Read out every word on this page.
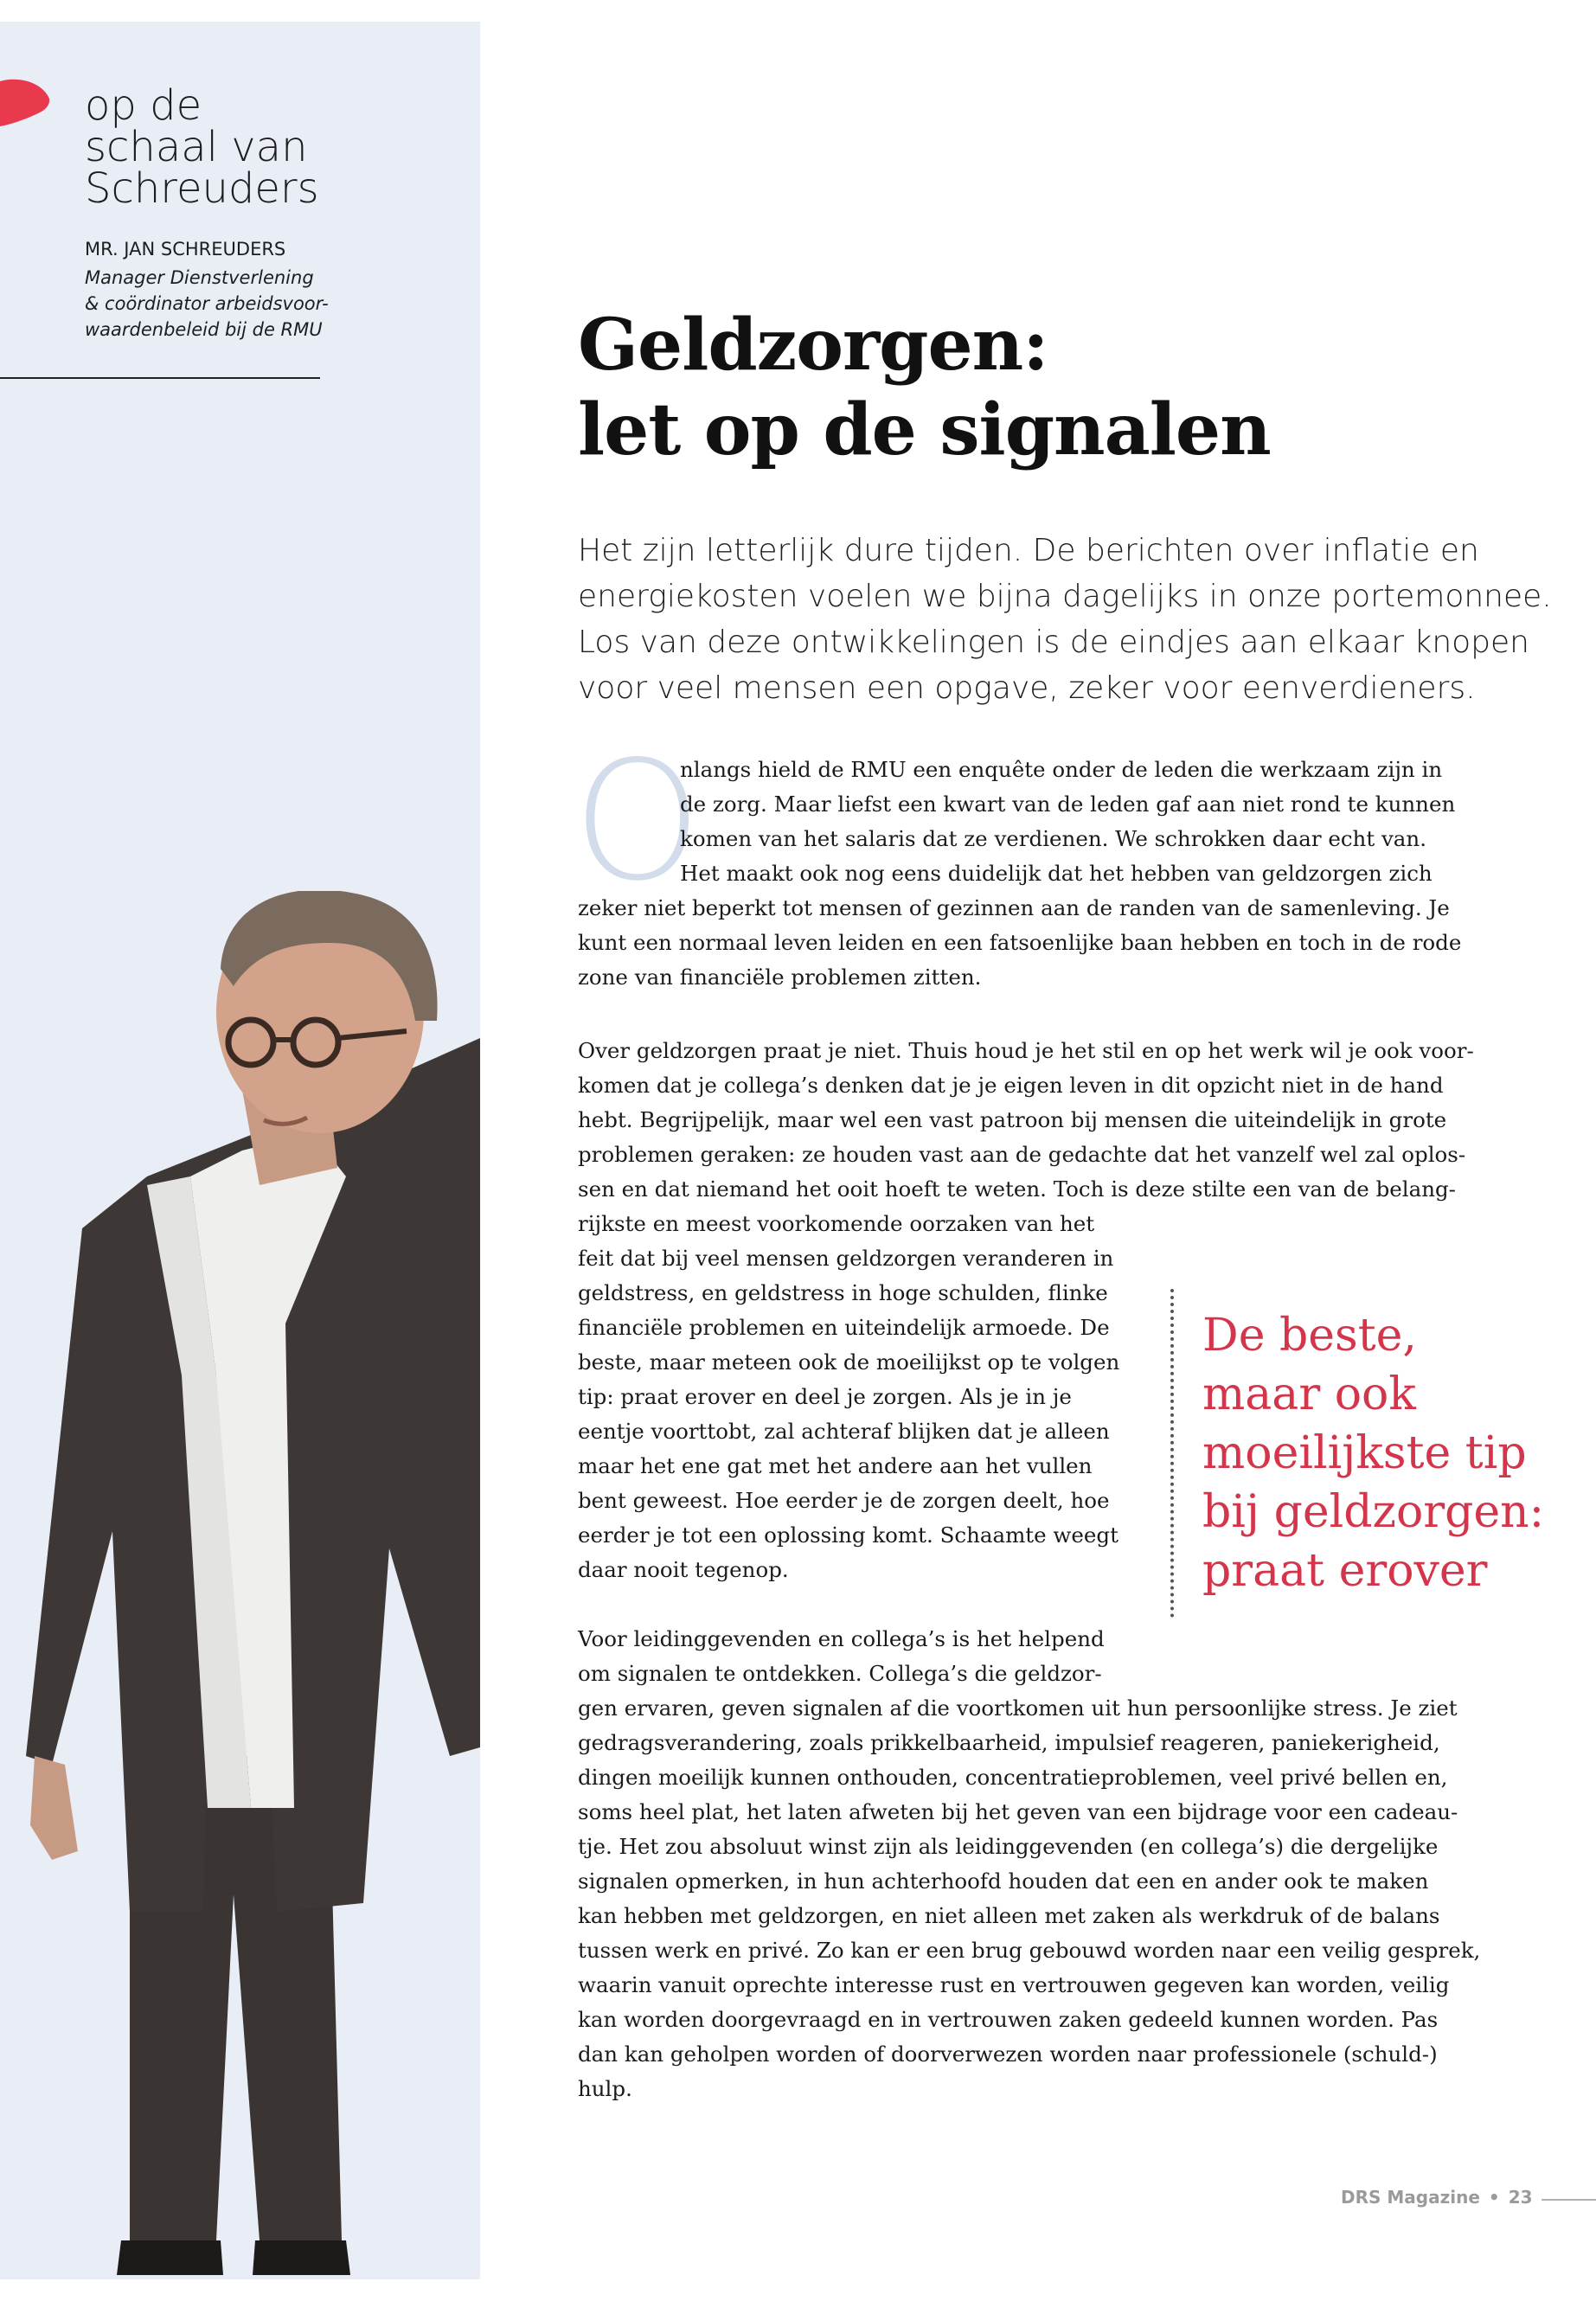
op de
schaal van
Schreuders
MR. JAN SCHREUDERS
Manager Dienstverlening
& coördinator arbeidsvoor-
waardenbeleid bij de RMU	Geldzorgen:
let op de signalen
Het zijn letterlijk dure tijden. De berichten over inflatie en
energiekosten voelen we bijna dagelijks in onze portemonnee.
Los van deze ontwikkelingen is de eindjes aan elkaar knopen
voor veel mensen een opgave, zeker voor eenverdieners.
O
nlangs hield de RMU een enquête onder de leden die werkzaam zijn in
de zorg. Maar liefst een kwart van de leden gaf aan niet rond te kunnen
komen van het salaris dat ze verdienen. We schrokken daar echt van.
Het maakt ook nog eens duidelijk dat het hebben van geldzorgen zich
zeker niet beperkt tot mensen of gezinnen aan de randen van de samenleving. Je
kunt een normaal leven leiden en een fatsoenlijke baan hebben en toch in de rode
zone van financiële problemen zitten.
Over geldzorgen praat je niet. Thuis houd je het stil en op het werk wil je ook voor-
komen dat je collega’s denken dat je je eigen leven in dit opzicht niet in de hand
hebt. Begrijpelijk, maar wel een vast patroon bij mensen die uiteindelijk in grote
problemen geraken: ze houden vast aan de gedachte dat het vanzelf wel zal oplos-
sen en dat niemand het ooit hoeft te weten. Toch is deze stilte een van de belang-
rijkste en meest voorkomende oorzaken van het
feit dat bij veel mensen geldzorgen veranderen in
geldstress, en geldstress in hoge schulden, flinke
financiële problemen en uiteindelijk armoede. De
beste, maar meteen ook de moeilijkst op te volgen
tip: praat erover en deel je zorgen. Als je in je
eentje voorttobt, zal achteraf blijken dat je alleen
maar het ene gat met het andere aan het vullen
bent geweest. Hoe eerder je de zorgen deelt, hoe
eerder je tot een oplossing komt. Schaamte weegt
daar nooit tegenop.
De beste,
maar ook
moeilijkste tip
bij geldzorgen:
praat erover
Voor leidinggevenden en collega’s is het helpend
om signalen te ontdekken. Collega’s die geldzor-
gen ervaren, geven signalen af die voortkomen uit hun persoonlijke stress. Je ziet
gedragsverandering, zoals prikkelbaarheid, impulsief reageren, paniekerigheid,
dingen moeilijk kunnen onthouden, concentratieproblemen, veel privé bellen en,
soms heel plat, het laten afweten bij het geven van een bijdrage voor een cadeau-
tje. Het zou absoluut winst zijn als leidinggevenden (en collega’s) die dergelijke
signalen opmerken, in hun achterhoofd houden dat een en ander ook te maken
kan hebben met geldzorgen, en niet alleen met zaken als werkdruk of de balans
tussen werk en privé. Zo kan er een brug gebouwd worden naar een veilig gesprek,
waarin vanuit oprechte interesse rust en vertrouwen gegeven kan worden, veilig
kan worden doorgevraagd en in vertrouwen zaken gedeeld kunnen worden. Pas
dan kan geholpen worden of doorverwezen worden naar professionele (schuld-)
hulp.
DRS Magazine • 23
